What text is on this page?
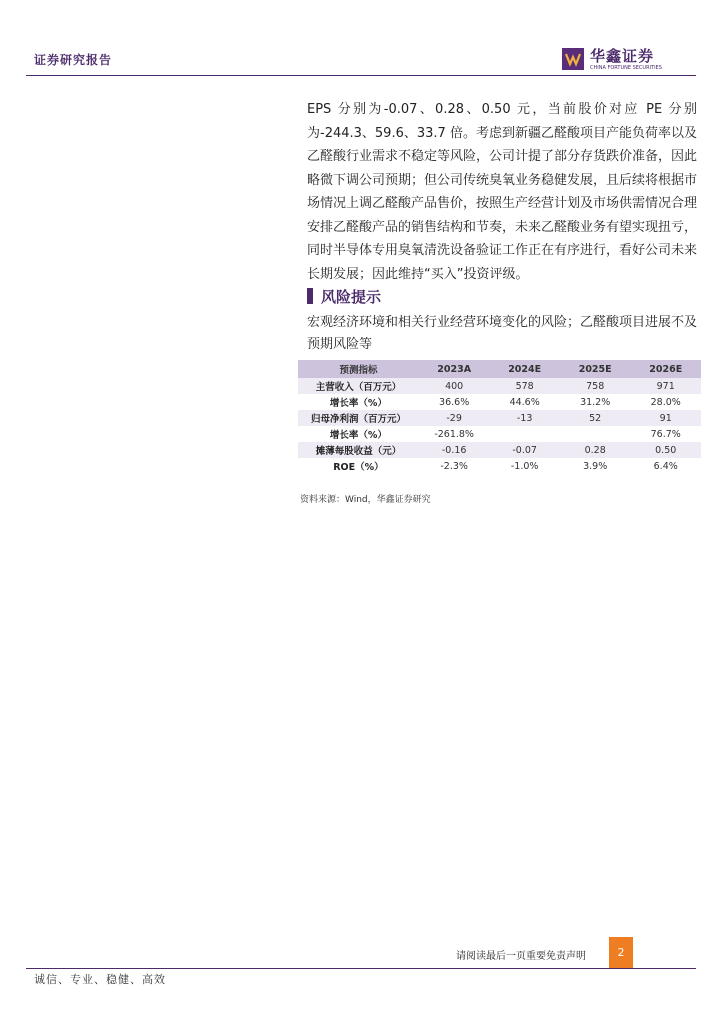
证券研究报告	华鑫证券
CHINA FORTUNE SECURITIES
EPS 分别为-0.07、0.28、0.50 元，当前股价对应 PE 分别为-244.3、59.6、33.7 倍。考虑到新疆乙醛酸项目产能负荷率以及乙醛酸行业需求不稳定等风险，公司计提了部分存货跌价准备，因此略微下调公司预期；但公司传统臭氧业务稳健发展，且后续将根据市场情况上调乙醛酸产品售价，按照生产经营计划及市场供需情况合理安排乙醛酸产品的销售结构和节奏，未来乙醛酸业务有望实现扭亏，同时半导体专用臭氧清洗设备验证工作正在有序进行，看好公司未来长期发展；因此维持“买入”投资评级。
风险提示
宏观经济环境和相关行业经营环境变化的风险；乙醛酸项目进展不及预期风险等
预测指标	2023A	2024E	2025E	2026E
主营收入（百万元）	400	578	758	971
增长率（%）	36.6%	44.6%	31.2%	28.0%
归母净利润（百万元）	-29	-13	52	91
增长率（%）	-261.8%			76.7%
摊薄每股收益（元）	-0.16	-0.07	0.28	0.50
ROE（%）	-2.3%	-1.0%	3.9%	6.4%
资料来源：Wind，华鑫证券研究
请阅读最后一页重要免责声明	2
诚信、专业、稳健、高效
